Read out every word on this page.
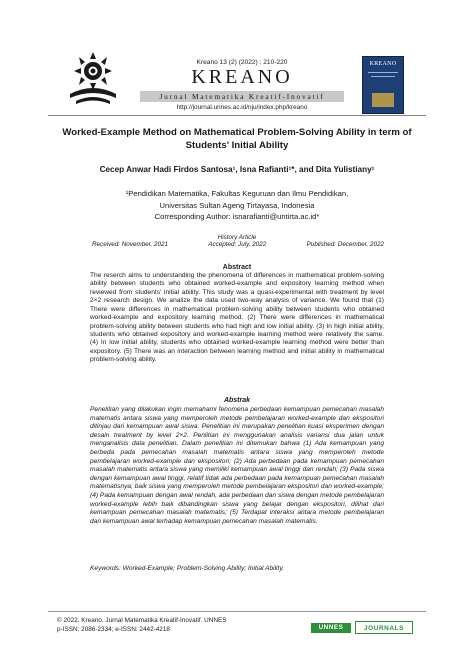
Kreano 13 (2) (2022) : 210-220
KREANO
Jurnal Matematika Kreatif-Inovatif
http://journal.unnes.ac.id/nju/index.php/kreano
KREANO
Worked-Example Method on Mathematical Problem-Solving Ability in term of Students' Initial Ability
Cecep Anwar Hadi Firdos Santosa¹, Isna Rafianti¹*, and Dita Yulistiany¹
¹Pendidikan Matematika, Fakultas Keguruan dan Ilmu Pendidikan,
Universitas Sultan Ageng Tirtayasa, Indonesia
Corresponding Author: isnarafianti@untirta.ac.id*
History Article
Received: November, 2021	Accepted: July, 2022	Published: December, 2022
Abstract
The reserch aims to understanding the phenomena of differences in mathematical problem-solving ability between students who obtained worked-example and expository learning method when reviewed from students' initial ability. This study was a quasi-experimental with treatment by level 2×2 research design. We analize the data used two-way analysis of variance. We found that (1) There were differences in mathematical problem-solving ability between students who obtained worked-example and expository learning method. (2) There were differences in mathematical problem-solving ability between students who had high and low initial ability. (3) In high initial ability, students who obtained expository and worked-example learning method were relatively the same. (4) In low initial ability, students who obtained worked-example learning method were better than expository. (5) There was an interaction between learning method and initial ability in mathematical problem-solving ability.
Abstrak
Penelitian yang dilakukan ingin memahami fenomena perbedaan kemampuan pemecahan masalah matematis antara siswa yang memperoleh metode pembelajaran worked-example dan ekspositori ditinjau dari kemampuan awal siswa. Penelitian ini merupakan penelitian kuasi eksperimen dengan desain treatment by level 2×2. Penlitian ini menggunakan analisis variansi dua jalan untuk menganalisis data penelitian. Dalam penelitian ini ditemukan bahwa (1) Ada kemampuan yang berbeda pada pemecahan masalah matematis antara siswa yang memperoleh metode pembelajaran worked-example dan ekspositori; (2) Ada perbedaan pada kemampuan pemecahan masalah matematis antara siswa yang memiliki kemampuan awal tinggi dan rendah; (3) Pada siswa dengan kemampuan awal tinggi, relatif tidak ada perbedaan pada kemampuan pemecahan masalah matematisnya; baik siswa yang memperoleh metode pembelajaran ekspositori dan worked-example; (4) Pada kemampuan dengan awal rendah, ada perbedaan dan siswa dengan metode pembelajaran worked-example lebih baik dibandingkan siswa yang belajar dengan ekspositori, dilihat dari kemampuan pemecahan masalah matematis; (5) Terdapat interaksi antara metode pembelajaran dan kemampuan awal terhadap kemampuan pemecahan masalah matematis.
Keywords: Worked-Example; Problem-Solving Ability; Initial Ability.
© 2022, Kreano, Jurnal Matematika Kreatif-Inovatif. UNNES
p-ISSN: 2086-2334; e-ISSN: 2442-4218	UNNES	JOURNALS
